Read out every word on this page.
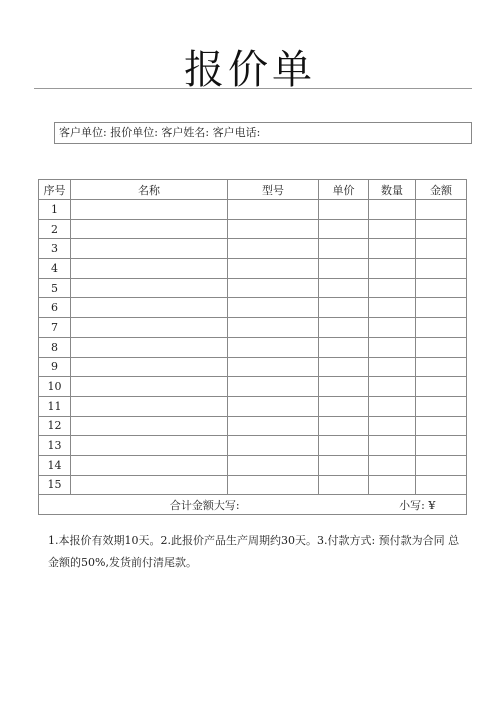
报价单
客户单位: 报价单位: 客户姓名: 客户电话:
序号	名称	型号	单价	数量	金额
1					
2					
3					
4					
5					
6					
7					
8					
9					
10					
11					
12					
13					
14					
15					
合计金额大写:				小写: ¥	
1.本报价有效期10天。2.此报价产品生产周期约30天。3.付款方式: 预付款为合同 总
金额的50%,发货前付清尾款。
